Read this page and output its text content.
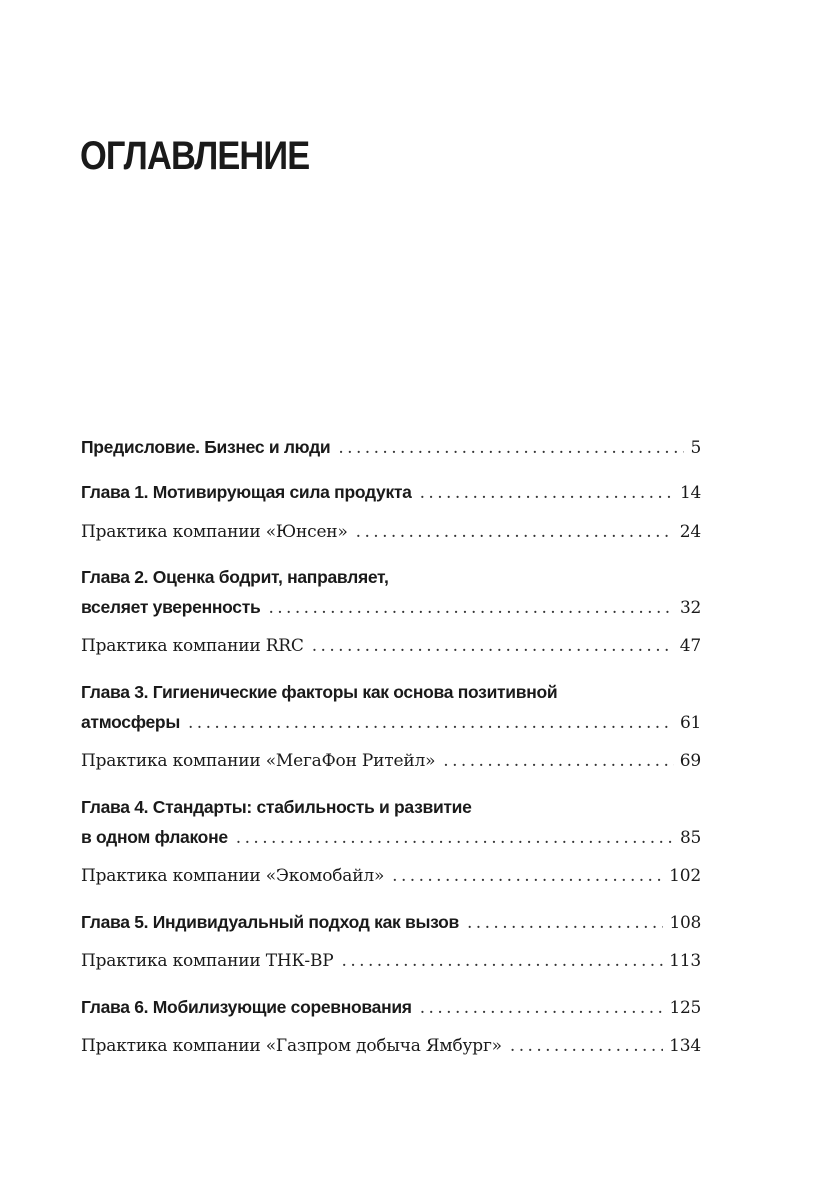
ОГЛАВЛЕНИЕ
Предисловие. Бизнес и люди . . .	5
Глава 1. Мотивирующая сила продукта . . .	14
Практика компании «Юнсен» . . .	24
Глава 2. Оценка бодрит, направляет,
вселяет уверенность . . .	32
Практика компании RRC . . .	47
Глава 3. Гигиенические факторы как основа позитивной
атмосферы . . .	61
Практика компании «МегаФон Ритейл» . . .	69
Глава 4. Стандарты: стабильность и развитие
в одном флаконе . . .	85
Практика компании «Экомобайл» . . .	102
Глава 5. Индивидуальный подход как вызов . . .	108
Практика компании ТНК-BP . . .	113
Глава 6. Мобилизующие соревнования . . .	125
Практика компании «Газпром добыча Ямбург» . . .	134
